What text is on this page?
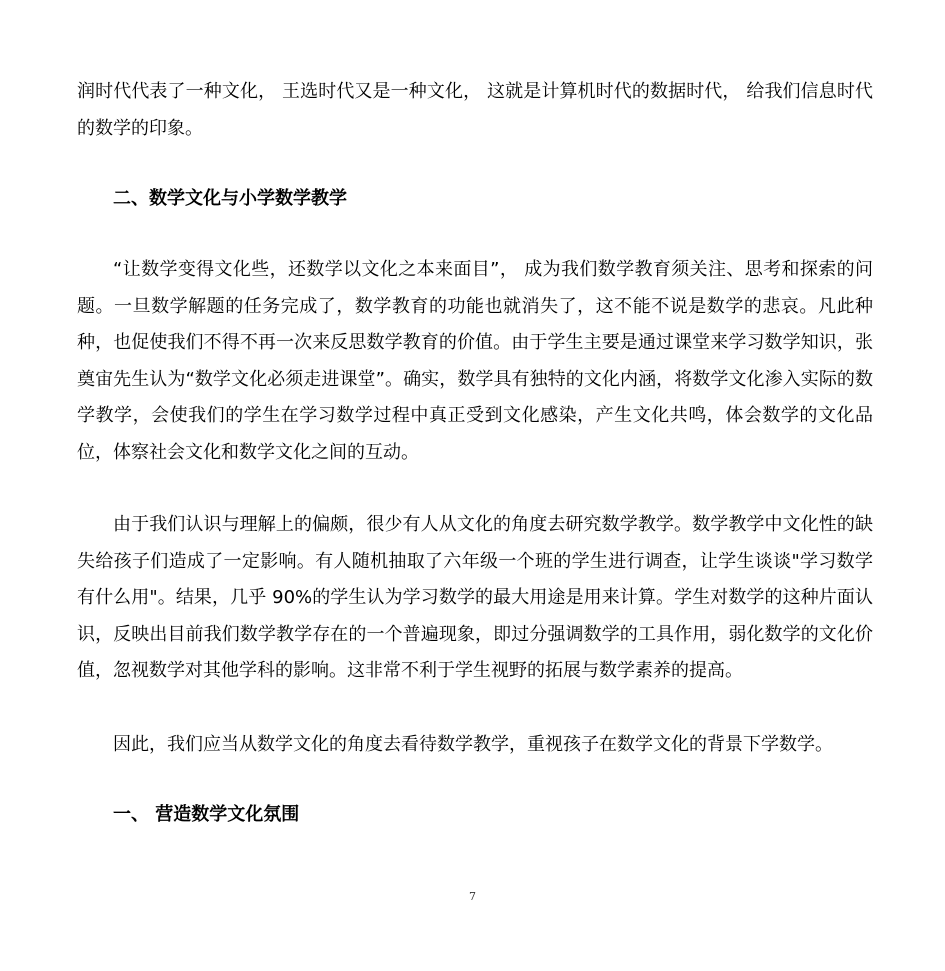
润时代代表了一种文化， 王选时代又是一种文化， 这就是计算机时代的数据时代， 给我们信息时代的数学的印象。

二、数学文化与小学数学教学

“让数学变得文化些，还数学以文化之本来面目”， 成为我们数学教育须关注、思考和探索的问题。一旦数学解题的任务完成了，数学教育的功能也就消失了，这不能不说是数学的悲哀。凡此种种，也促使我们不得不再一次来反思数学教育的价值。由于学生主要是通过课堂来学习数学知识，张奠宙先生认为“数学文化必须走进课堂”。确实，数学具有独特的文化内涵，将数学文化渗入实际的数学教学，会使我们的学生在学习数学过程中真正受到文化感染，产生文化共鸣，体会数学的文化品位，体察社会文化和数学文化之间的互动。

由于我们认识与理解上的偏颇，很少有人从文化的角度去研究数学教学。数学教学中文化性的缺失给孩子们造成了一定影响。有人随机抽取了六年级一个班的学生进行调查，让学生谈谈"学习数学有什么用"。结果，几乎 90%的学生认为学习数学的最大用途是用来计算。学生对数学的这种片面认识，反映出目前我们数学教学存在的一个普遍现象，即过分强调数学的工具作用，弱化数学的文化价值，忽视数学对其他学科的影响。这非常不利于学生视野的拓展与数学素养的提高。

因此，我们应当从数学文化的角度去看待数学教学，重视孩子在数学文化的背景下学数学。

一、 营造数学文化氛围
7
